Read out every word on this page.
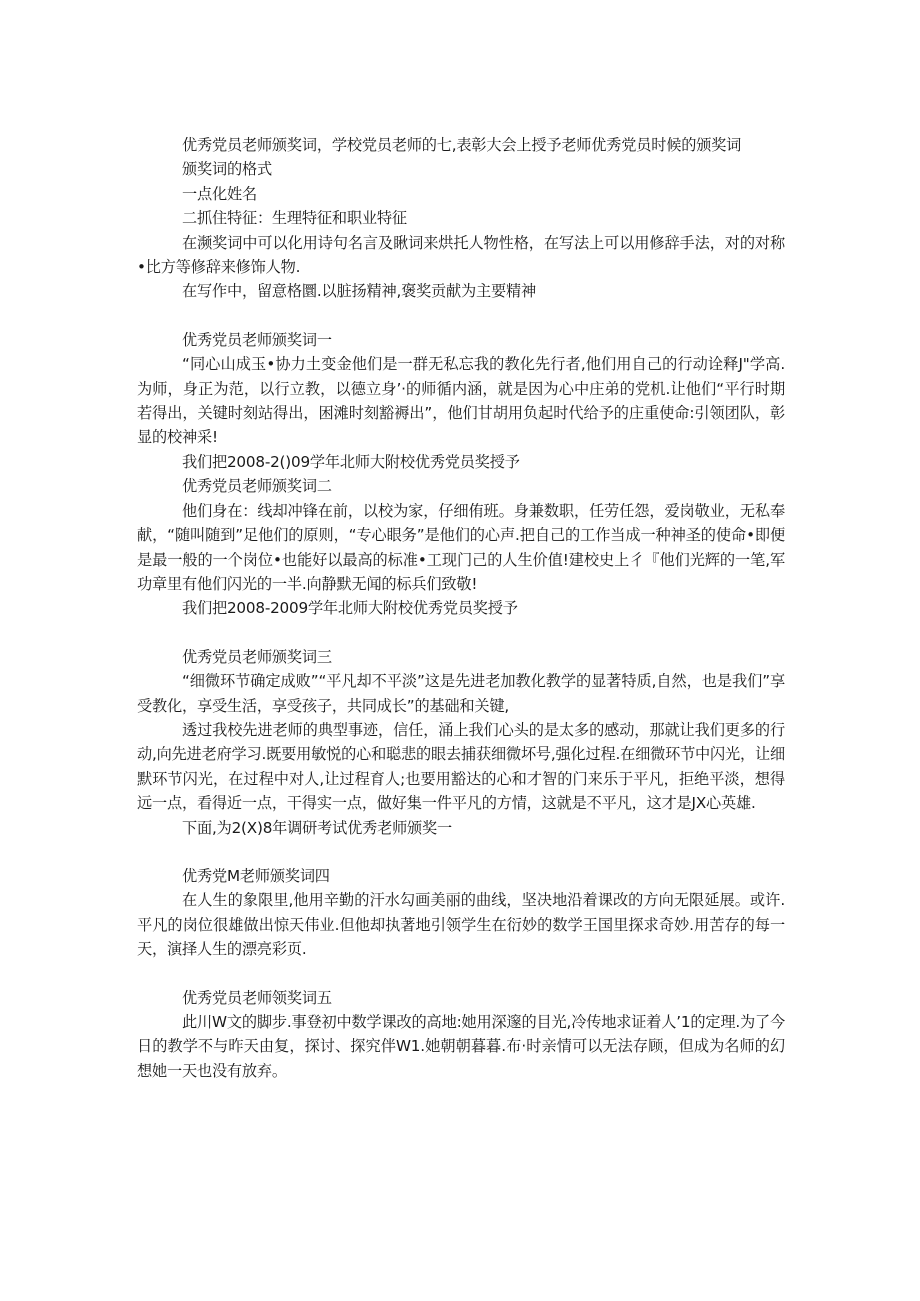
优秀党员老师颁奖词，学校党员老师的七,表彰大会上授予老师优秀党员时候的颁奖词

颁奖词的格式

一点化姓名

二抓住特征：生理特征和职业特征

在濒奖词中可以化用诗句名言及瞅词来烘托人物性格，在写法上可以用修辞手法，对的对称•比方等修辞来修饰人物.

在写作中，留意格圜.以脏扬精神,褒奖贡献为主要精神

优秀党员老师颁奖词一

“同心山成玉•协力土变金他们是一群无私忘我的教化先行者,他们用自己的行动诠释J"学高.为师，身正为范，以行立教，以德立身’·的师循内涵，就是因为心中庄弟的党机.让他们“平行时期若得出，关键时刻站得出，困滩时刻豁褥出”，他们甘胡用负起时代给予的庄重使命:引领团队，彰显的校神采!

我们把2008-2()09学年北师大附校优秀党员奖授予

优秀党员老师颁奖词二

他们身在：线却冲锋在前，以校为家，仔细侑班。身兼数职，任劳任怨，爱岗敬业，无私奉献，“随叫随到”足他们的原则，“专心眼务”是他们的心声.把自己的工作当成一种神圣的使命•即便是最一般的一个岗位•也能好以最高的标准•工现门己的人生价值!建校史上彳『他们光辉的一笔,军功章里有他们闪光的一半.向静默无闻的标兵们致敬!

我们把2008-2009学年北师大附校优秀党员奖授予

优秀党员老师颁奖词三

“细微环节确定成败”“平凡却不平淡”这是先进老加教化教学的显著特质,自然，也是我们”享受教化，享受生活，享受孩子，共同成长”的基础和关键,

透过我校先进老师的典型事迹，信任，涌上我们心头的是太多的感动，那就让我们更多的行动,向先进老府学习.既要用敏悦的心和聪悲的眼去捕获细微坏号,强化过程.在细微环节中闪光，让细默环节闪光，在过程中对人,让过程育人;也要用豁达的心和才智的门来乐于平凡，拒绝平淡，想得远一点，看得近一点，干得实一点，做好集一件平凡的方情，这就是不平凡，这才是JX心英雄.

下面,为2(X)8年调研考试优秀老师颁奖一

优秀党M老师颁奖词四

在人生的象限里,他用辛勤的汗水勾画美丽的曲线，坚决地沿着课改的方向无限延展。或许.平凡的岗位很雄做出惊天伟业.但他却执著地引领学生在衍妙的数学王国里探求奇妙.用苦存的每一天，演择人生的漂亮彩页.

优秀党员老师领奖词五

此川W文的脚步.事登初中数学课改的高地:她用深邃的目光,冷传地求证着人’1的定理.为了今日的教学不与昨天由复，探讨、探究伴W1.她朝朝暮暮.布·时亲情可以无法存顾，但成为名师的幻想她一天也没有放弃。
